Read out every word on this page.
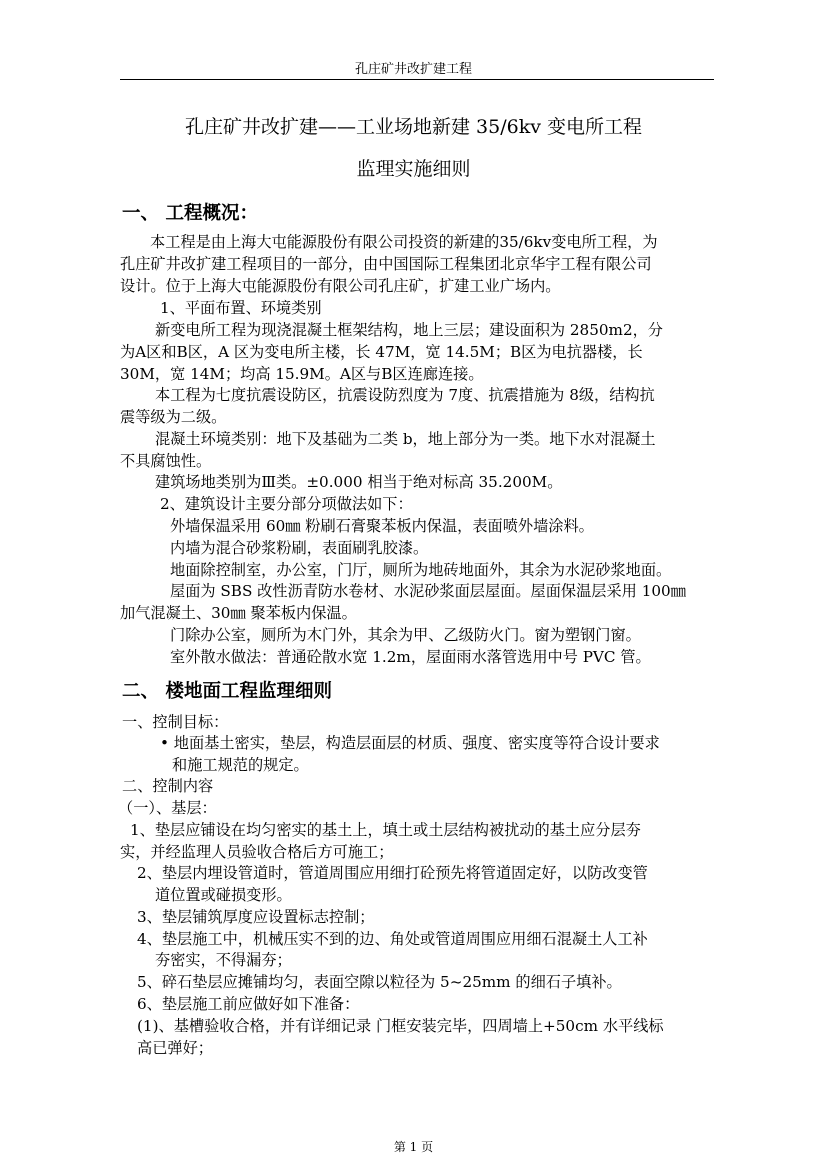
孔庄矿井改扩建工程
孔庄矿井改扩建——工业场地新建 35/6kv 变电所工程
监理实施细则
一、 工程概况：
本工程是由上海大屯能源股份有限公司投资的新建的35/6kv变电所工程，为
孔庄矿井改扩建工程项目的一部分，由中国国际工程集团北京华宇工程有限公司
设计。位于上海大屯能源股份有限公司孔庄矿，扩建工业广场内。
1、平面布置、环境类别
新变电所工程为现浇混凝土框架结构，地上三层；建设面积为 2850m2，分
为A区和B区，A 区为变电所主楼，长 47M，宽 14.5M；B区为电抗器楼，长
30M，宽 14M；均高 15.9M。A区与B区连廊连接。
本工程为七度抗震设防区，抗震设防烈度为 7度、抗震措施为 8级，结构抗
震等级为二级。
混凝土环境类别：地下及基础为二类 b，地上部分为一类。地下水对混凝土
不具腐蚀性。
建筑场地类别为Ⅲ类。±0.000 相当于绝对标高 35.200M。
2、建筑设计主要分部分项做法如下：
外墙保温采用 60㎜ 粉刷石膏聚苯板内保温，表面喷外墙涂料。
内墙为混合砂浆粉刷，表面刷乳胶漆。
地面除控制室，办公室，门厅，厕所为地砖地面外，其余为水泥砂浆地面。
屋面为 SBS 改性沥青防水卷材、水泥砂浆面层屋面。屋面保温层采用 100㎜
加气混凝土、30㎜ 聚苯板内保温。
门除办公室，厕所为木门外，其余为甲、乙级防火门。窗为塑钢门窗。
室外散水做法：普通砼散水宽 1.2m，屋面雨水落管选用中号 PVC 管。
二、 楼地面工程监理细则
一、控制目标：
• 地面基土密实，垫层，构造层面层的材质、强度、密实度等符合设计要求
和施工规范的规定。
二、控制内容
（一）、基层：
1、垫层应铺设在均匀密实的基土上，填土或土层结构被扰动的基土应分层夯
实，并经监理人员验收合格后方可施工；
2、垫层内埋设管道时，管道周围应用细打砼预先将管道固定好，以防改变管
道位置或碰损变形。
3、垫层铺筑厚度应设置标志控制；
4、垫层施工中，机械压实不到的边、角处或管道周围应用细石混凝土人工补
夯密实，不得漏夯；
5、碎石垫层应摊铺均匀，表面空隙以粒径为 5~25mm 的细石子填补。
6、垫层施工前应做好如下准备：
(1)、基槽验收合格，并有详细记录 门框安装完毕，四周墙上+50cm 水平线标
高已弹好；
第 1 页
